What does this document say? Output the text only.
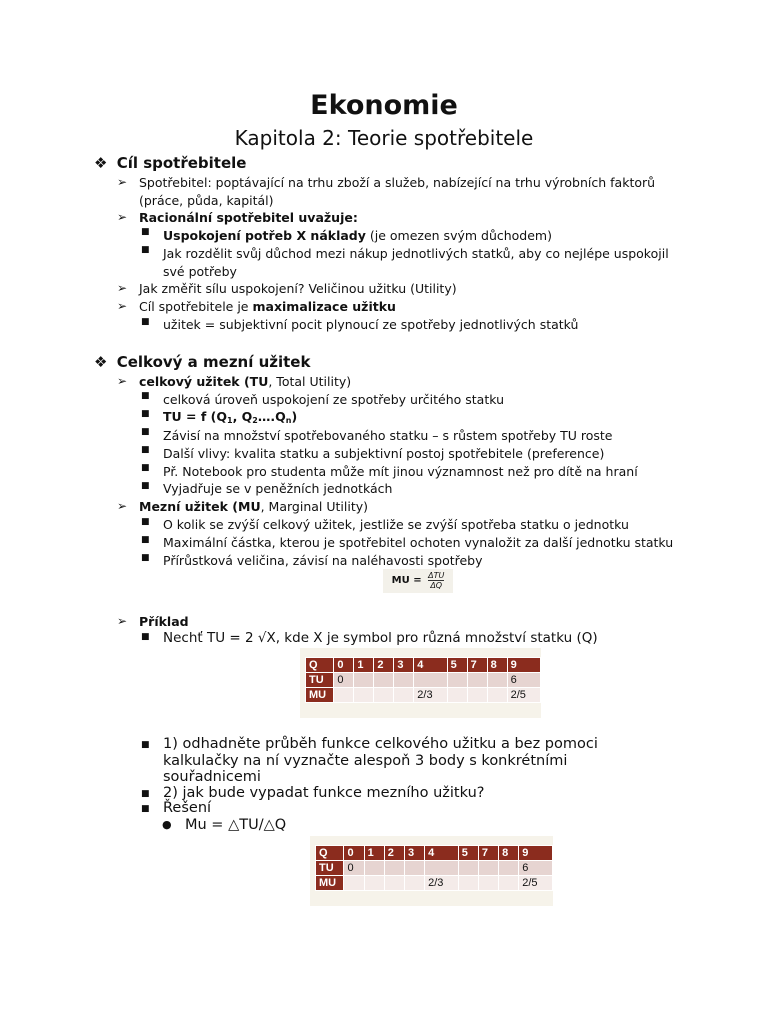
Ekonomie
Kapitola 2: Teorie spotřebitele
❖ Cíl spotřebitele
➢ Spotřebitel: poptávající na trhu zboží a služeb, nabízející na trhu výrobních faktorů
(práce, půda, kapitál)
➢ Racionální spotřebitel uvažuje:
■ Uspokojení potřeb X náklady (je omezen svým důchodem)
■ Jak rozdělit svůj důchod mezi nákup jednotlivých statků, aby co nejlépe uspokojil
své potřeby
➢ Jak změřit sílu uspokojení? Veličinou užitku (Utility)
➢ Cíl spotřebitele je maximalizace užitku
■ užitek = subjektivní pocit plynoucí ze spotřeby jednotlivých statků
❖ Celkový a mezní užitek
➢ celkový užitek (TU, Total Utility)
■ celková úroveň uspokojení ze spotřeby určitého statku
■ TU = f ($Q_1$, $Q_2\dots.Q_n$)
■ Závisí na množství spotřebovaného statku – s růstem spotřeby TU roste
■ Další vlivy: kvalita statku a subjektivní postoj spotřebitele (preference)
■ Př. Notebook pro studenta může mít jinou významnost než pro dítě na hraní
■ Vyjadřuje se v peněžních jednotkách
➢ Mezní užitek (MU, Marginal Utility)
■ O kolik se zvýší celkový užitek, jestliže se zvýší spotřeba statku o jednotku
■ Maximální částka, kterou je spotřebitel ochoten vynaložit za další jednotku statku
■ Přírůstková veličina, závisí na naléhavosti spotřeby
MU = $\frac{\text{ΔTU}}{\Delta Q}$
➢ Příklad
■ Nechť TU = 2 √X, kde X je symbol pro různá množství statku (Q)
Q	0	1	2	3	4	5	7	8	9
TU	0								6
MU					2/3				2/5
■ 1) odhadněte průběh funkce celkového užitku a bez pomoci
kalkulačky na ní vyznačte alespoň 3 body s konkrétními
souřadnicemi
■ 2) jak bude vypadat funkce mezního užitku?
■ Řešení
● Mu = △TU/△Q
Q	0	1	2	3	4	5	7	8	9
TU	0								6
MU					2/3				2/5
